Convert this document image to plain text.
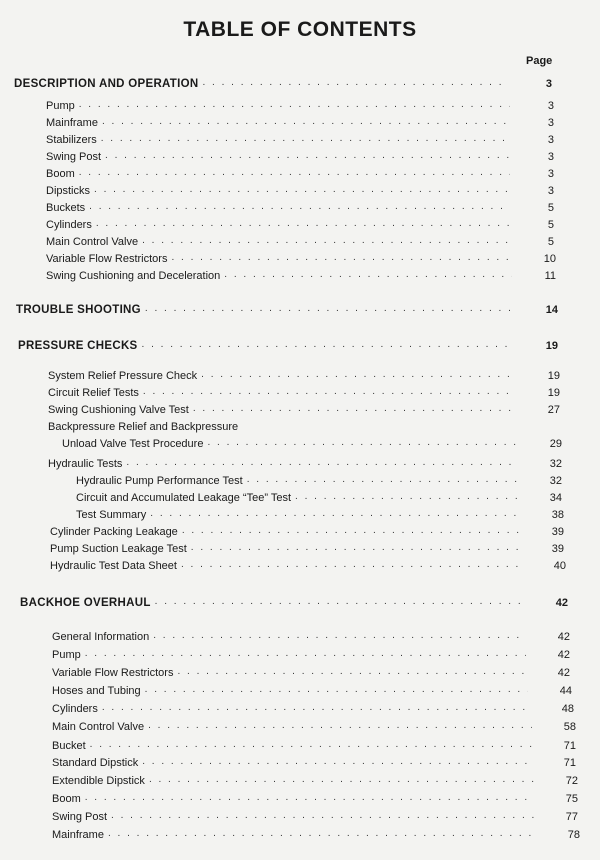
TABLE OF CONTENTS
Page
DESCRIPTION AND OPERATION . . .	3
Pump . . .	3
Mainframe . . .	3
Stabilizers . . .	3
Swing Post . . .	3
Boom . . .	3
Dipsticks . . .	3
Buckets . . .	5
Cylinders . . .	5
Main Control Valve . . .	5
Variable Flow Restrictors . . .	10
Swing Cushioning and Deceleration . . .	11
TROUBLE SHOOTING . . .	14
PRESSURE CHECKS . . .	19
System Relief Pressure Check . . .	19
Circuit Relief Tests . . .	19
Swing Cushioning Valve Test . . .	27
Backpressure Relief and Backpressure
Unload Valve Test Procedure . . .	29
Hydraulic Tests . . .	32
Hydraulic Pump Performance Test . . .	32
Circuit and Accumulated Leakage “Tee” Test . . .	34
Test Summary . . .	38
Cylinder Packing Leakage . . .	39
Pump Suction Leakage Test . . .	39
Hydraulic Test Data Sheet . . .	40
BACKHOE OVERHAUL . . .	42
General Information . . .	42
Pump . . .	42
Variable Flow Restrictors . . .	42
Hoses and Tubing . . .	44
Cylinders . . .	48
Main Control Valve . . .	58
Bucket . . .	71
Standard Dipstick . . .	71
Extendible Dipstick . . .	72
Boom . . .	75
Swing Post . . .	77
Mainframe . . .	78
